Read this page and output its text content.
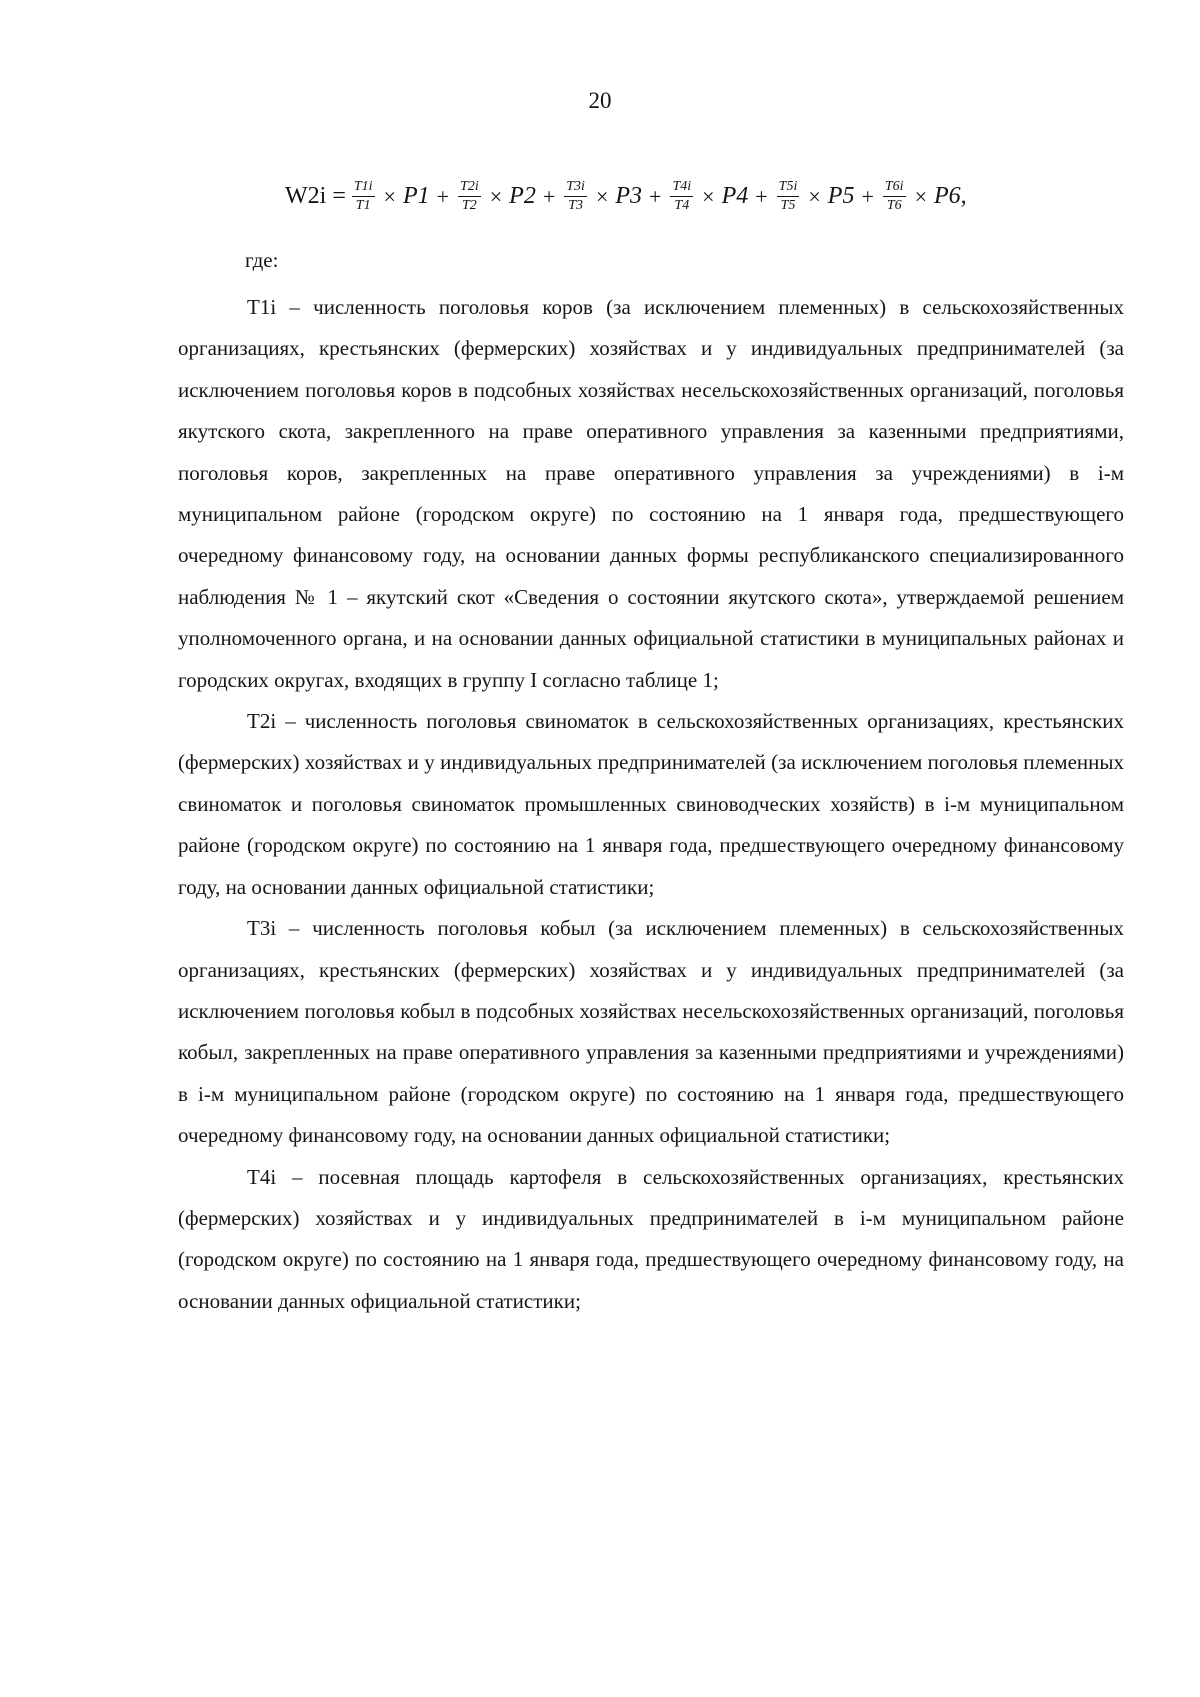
20
$W2i = \frac{T1i}{T1} \times P1 + \frac{T2i}{T2} \times P2 + \frac{T3i}{T3} \times P3 + \frac{T4i}{T4} \times P4 + \frac{T5i}{T5} \times P5 + \frac{T6i}{T6} \times P6$,
где:

T1i – численность поголовья коров (за исключением племенных) в сельскохозяйственных организациях, крестьянских (фермерских) хозяйствах и у индивидуальных предпринимателей (за исключением поголовья коров в подсобных хозяйствах несельскохозяйственных организаций, поголовья якутского скота, закрепленного на праве оперативного управления за казенными предприятиями, поголовья коров, закрепленных на праве оперативного управления за учреждениями) в i-м муниципальном районе (городском округе) по состоянию на 1 января года, предшествующего очередному финансовому году, на основании данных формы республиканского специализированного наблюдения № 1 – якутский скот «Сведения о состоянии якутского скота», утверждаемой решением уполномоченного органа, и на основании данных официальной статистики в муниципальных районах и городских округах, входящих в группу I согласно таблице 1;

T2i – численность поголовья свиноматок в сельскохозяйственных организациях, крестьянских (фермерских) хозяйствах и у индивидуальных предпринимателей (за исключением поголовья племенных свиноматок и поголовья свиноматок промышленных свиноводческих хозяйств) в i-м муниципальном районе (городском округе) по состоянию на 1 января года, предшествующего очередному финансовому году, на основании данных официальной статистики;

T3i – численность поголовья кобыл (за исключением племенных) в сельскохозяйственных организациях, крестьянских (фермерских) хозяйствах и у индивидуальных предпринимателей (за исключением поголовья кобыл в подсобных хозяйствах несельскохозяйственных организаций, поголовья кобыл, закрепленных на праве оперативного управления за казенными предприятиями и учреждениями) в i-м муниципальном районе (городском округе) по состоянию на 1 января года, предшествующего очередному финансовому году, на основании данных официальной статистики;

T4i – посевная площадь картофеля в сельскохозяйственных организациях, крестьянских (фермерских) хозяйствах и у индивидуальных предпринимателей в i-м муниципальном районе (городском округе) по состоянию на 1 января года, предшествующего очередному финансовому году, на основании данных официальной статистики;
